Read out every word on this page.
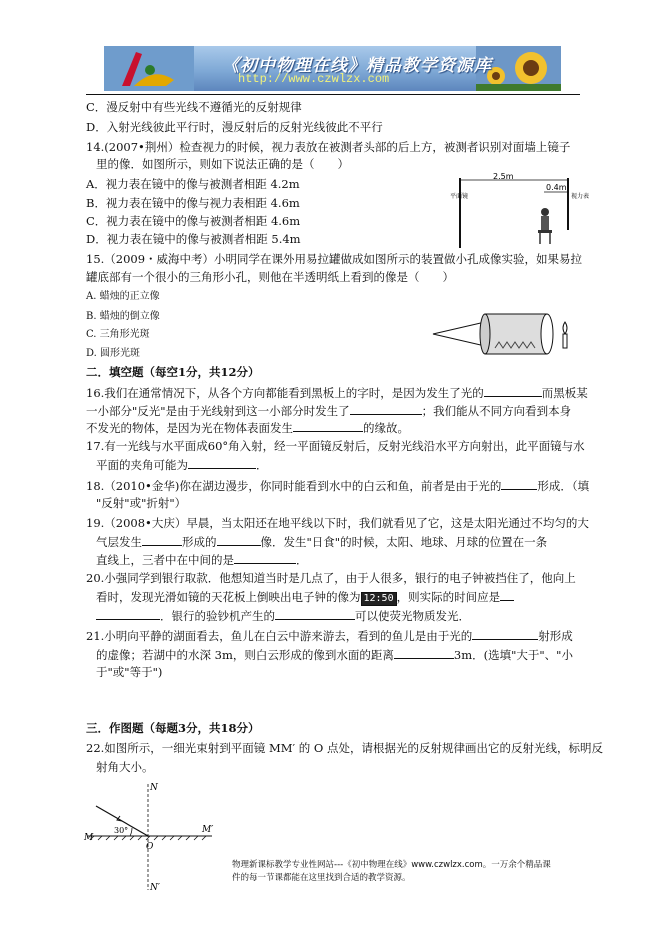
《初中物理在线》精品教学资源库
http://www.czwlzx.com
C．漫反射中有些光线不遵循光的反射规律
D．入射光线彼此平行时，漫反射后的反射光线彼此不平行
14.(2007•荆州）检查视力的时候，视力表放在被测者头部的后上方，被测者识别对面墙上镜子
里的像．如图所示，则如下说法正确的是（　　）
A．视力表在镜中的像与被测者相距 4.2m
B．视力表在镜中的像与视力表相距 4.6m
C．视力表在镜中的像与被测者相距 4.6m
D．视力表在镜中的像与被测者相距 5.4m
2.5m
0.4m
平面镜	视力表
15.（2009・威海中考）小明同学在课外用易拉罐做成如图所示的装置做小孔成像实验，如果易拉
罐底部有一个很小的三角形小孔，则他在半透明纸上看到的像是（　　）
A. 蜡烛的正立像
B. 蜡烛的倒立像
C. 三角形光斑
D. 圆形光斑
二．填空题（每空1分，共12分）
16.我们在通常情况下，从各个方向都能看到黑板上的字时，是因为发生了光的	而黑板某
一小部分"反光"是由于光线射到这一小部分时发生了	；我们能从不同方向看到本身
不发光的物体，是因为光在物体表面发生	的缘故。
17.有一光线与水平面成60°角入射，经一平面镜反射后，反射光线沿水平方向射出，此平面镜与水
平面的夹角可能为	．
18.（2010•金华)你在湖边漫步，你同时能看到水中的白云和鱼，前者是由于光的	形成．（填
"反射"或"折射"）
19.（2008•大庆）早晨，当太阳还在地平线以下时，我们就看见了它，这是太阳光通过不均匀的大
气层发生	形成的	像．发生"日食"的时候，太阳、地球、月球的位置在一条
直线上，三者中在中间的是	．
20.小强同学到银行取款．他想知道当时是几点了，由于人很多，银行的电子钟被挡住了，他向上
看时，发现光滑如镜的天花板上倒映出电子钟的像为 12:50 ，则实际的时间应是
．银行的验钞机产生的	可以使荧光物质发光．
21.小明向平静的湖面看去，鱼儿在白云中游来游去，看到的鱼儿是由于光的	射形成
的虚像；若湖中的水深 3m，则白云形成的像到水面的距离	3m．(选填"大于"、"小
于"或"等于")
三．作图题（每题3分，共18分）
22.如图所示，一细光束射到平面镜 MM′ 的 O 点处，请根据光的反射规律画出它的反射光线，标明反
射角大小。
N
N′
M
M′
30°
O
物理新课标教学专业性网站---《初中物理在线》www.czwlzx.com。一万余个精品课
件的每一节课都能在这里找到合适的教学资源。
